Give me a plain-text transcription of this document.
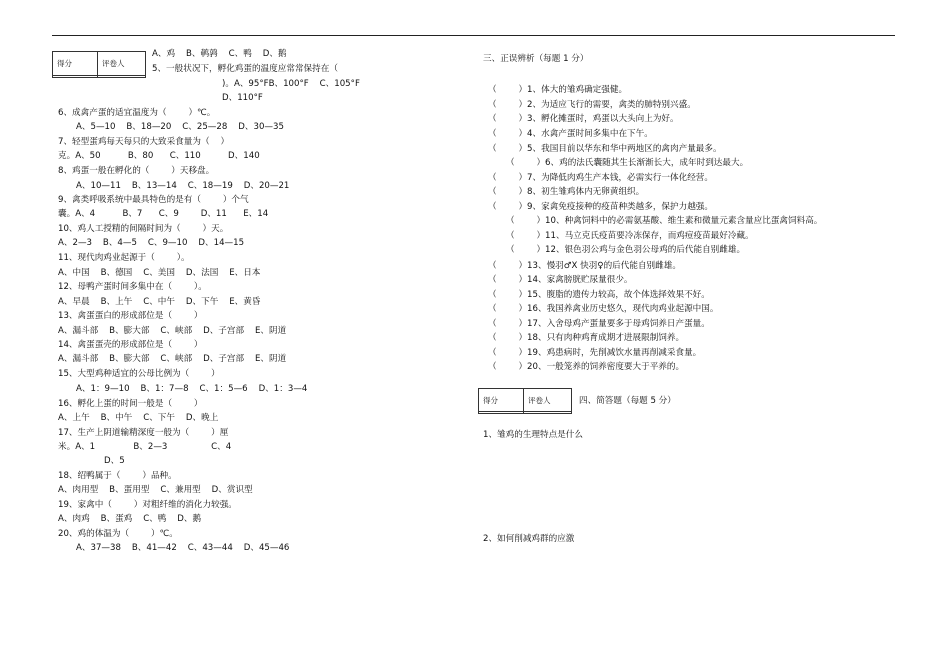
得分	评卷人

A、鸡    B、鹌鹑    C、鸭    D、鹅
5、一般状况下，孵化鸡蛋的温度应常常保持在（
)。A、95°FB、100°F    C、105°F
D、110°F
6、成禽产蛋的适宜温度为（        ）℃。
A、5—10    B、18—20    C、25—28    D、30—35
7、轻型蛋鸡每天每只的大致采食量为（    ）
克。A、50          B、80      C、110          D、140
8、鸡蛋一般在孵化的（        ）天移盘。
A、10—11    B、13—14    C、18—19    D、20—21
9、禽类呼吸系统中最具特色的是有（        ）个气
囊。A、4          B、7      C、9        D、11      E、14
10、鸡人工授精的间隔时间为（        ）天。
A、2—3    B、4—5    C、9—10    D、14—15
11、现代肉鸡业起源于（        ）。
A、中国    B、德国    C、美国    D、法国    E、日本
12、母鸭产蛋时间多集中在（        ）。
A、早晨    B、上午    C、中午    D、下午    E、黄昏
13、禽蛋蛋白的形成部位是（        ）
A、漏斗部    B、膨大部    C、峡部    D、子宫部    E、阴道
14、禽蛋蛋壳的形成部位是（        ）
A、漏斗部    B、膨大部    C、峡部    D、子宫部    E、阴道
15、大型鸡种适宜的公母比例为（        ）
A、1：9—10    B、1：7—8    C、1：5—6    D、1：3—4
16、孵化上蛋的时间一般是（        ）
A、上午    B、中午    C、下午    D、晚上
17、生产上阴道输精深度一般为（        ）厘
米。A、1              B、2—3                C、4
D、5
18、绍鸭属于（        ）品种。
A、肉用型    B、蛋用型    C、兼用型    D、赏识型
19、家禽中（        ）对粗纤维的消化力较强。
A、肉鸡    B、蛋鸡    C、鸭    D、鹅
20、鸡的体温为（        ）℃。
A、37—38    B、41—42    C、43—44    D、45—46
三、正误辨析（每题 1 分）
（        ）1、体大的雏鸡确定强健。
（        ）2、为适应飞行的需要，禽类的肺特别兴盛。
（        ）3、孵化摊蛋时，鸡蛋以大头向上为好。
（        ）4、水禽产蛋时间多集中在下午。
（        ）5、我国目前以华东和华中两地区的禽肉产量最多。
（        ）6、鸡的法氏囊随其生长渐渐长大，成年时到达最大。
（        ）7、为降低肉鸡生产本钱，必需实行一体化经营。
（        ）8、初生雏鸡体内无卵黄组织。
（        ）9、家禽免疫接种的疫苗种类越多，保护力越强。
（        ）10、种禽饲料中的必需氨基酸、维生素和微量元素含量应比蛋禽饲料高。
（        ）11、马立克氏疫苗要冷冻保存，而鸡痘疫苗最好冷藏。
（        ）12、银色羽公鸡与金色羽公母鸡的后代能自别雌雄。
（        ）13、慢羽♂X 快羽♀的后代能自别雌雄。
（        ）14、家禽膀胱贮尿量很少。
（        ）15、腹脂的遗传力较高，故个体选择效果不好。
（        ）16、我国养禽业历史悠久，现代肉鸡业起源中国。
（        ）17、入舍母鸡产蛋量要多于母鸡饲养日产蛋量。
（        ）18、只有肉种鸡育成期才进展限制饲养。
（        ）19、鸡患病时，先削减饮水量再削减采食量。
（        ）20、一般笼养的饲养密度要大于平养的。
得分	评卷人
		四、简答题（每题 5 分）
1、雏鸡的生理特点是什么
2、如何削减鸡群的应激
